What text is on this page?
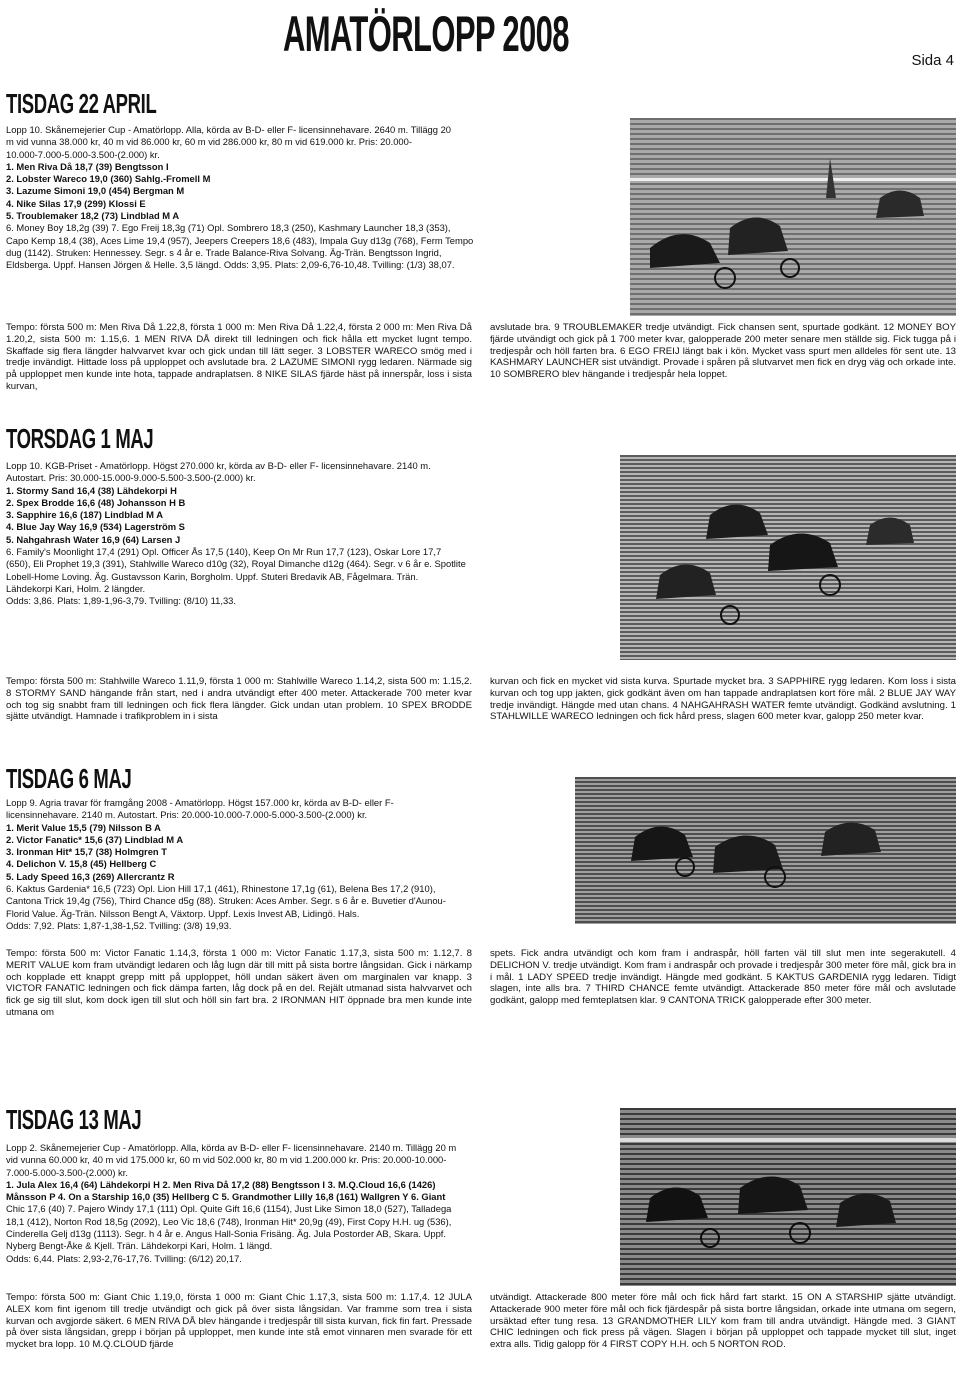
AMATÖRLOPP 2008	Sida 4
TISDAG 22 APRIL

Lopp 10. Skånemejerier Cup - Amatörlopp. Alla, körda av B-D- eller F- licensinnehavare. 2640 m. Tillägg 20

m vid vunna 38.000 kr, 40 m vid 86.000 kr, 60 m vid 286.000 kr, 80 m vid 619.000 kr. Pris: 20.000-

10.000-7.000-5.000-3.500-(2.000) kr.

1. Men Riva Då 18,7 (39) Bengtsson I

2. Lobster Wareco 19,0 (360) Sahlg.-Fromell M

3. Lazume Simoni 19,0 (454) Bergman M

4. Nike Silas 17,9 (299) Klossi E

5. Troublemaker 18,2 (73) Lindblad M A

6. Money Boy 18,2g (39) 7. Ego Freij 18,3g (71) Opl. Sombrero 18,3 (250), Kashmary Launcher 18,3 (353),

Capo Kemp 18,4 (38), Aces Lime 19,4 (957), Jeepers Creepers 18,6 (483), Impala Guy d13g (768), Ferm Tempo

dug (1142). Struken: Hennessey. Segr. s 4 år e. Trade Balance-Riva Solvang. Äg-Trän. Bengtsson Ingrid,

Eldsberga. Uppf. Hansen Jörgen & Helle. 3,5 längd. Odds: 3,95. Plats: 2,09-6,76-10,48. Tvilling: (1/3) 38,07.

Tempo: första 500 m: Men Riva Då 1.22,8, första 1 000 m: Men Riva Då 1.22,4, första 2 000 m: Men Riva Då 1.20,2, sista 500 m: 1.15,6. 1 MEN RIVA DÅ direkt till ledningen och fick hålla ett mycket lugnt tempo. Skaffade sig flera längder halvvarvet kvar och gick undan till lätt seger. 3 LOBSTER WARECO smög med i tredje invändigt. Hittade loss på upploppet och avslutade bra. 2 LAZUME SIMONI rygg ledaren. Närmade sig på upploppet men kunde inte hota, tappade andraplatsen. 8 NIKE SILAS fjärde häst på innerspår, loss i sista kurvan,
avslutade bra. 9 TROUBLEMAKER tredje utvändigt. Fick chansen sent, spurtade godkänt. 12 MONEY BOY fjärde utvändigt och gick på 1 700 meter kvar, galopperade 200 meter senare men ställde sig. Fick tugga på i tredjespår och höll farten bra. 6 EGO FREIJ längt bak i kön. Mycket vass spurt men alldeles för sent ute. 13 KASHMARY LAUNCHER sist utvändigt. Provade i spåren på slutvarvet men fick en dryg väg och orkade inte. 10 SOMBRERO blev hängande i tredjespår hela loppet.
TORSDAG 1 MAJ

Lopp 10. KGB-Priset - Amatörlopp. Högst 270.000 kr, körda av B-D- eller F- licensinnehavare. 2140 m.

Autostart. Pris: 30.000-15.000-9.000-5.500-3.500-(2.000) kr.

1. Stormy Sand 16,4 (38) Lähdekorpi H

2. Spex Brodde 16,6 (48) Johansson H B

3. Sapphire 16,6 (187) Lindblad M A

4. Blue Jay Way 16,9 (534) Lagerström S

5. Nahgahrash Water 16,9 (64) Larsen J

6. Family's Moonlight 17,4 (291) Opl. Officer Ås 17,5 (140), Keep On Mr Run 17,7 (123), Oskar Lore 17,7

(650), Eli Prophet 19,3 (391), Stahlwille Wareco d10g (32), Royal Dimanche d12g (464). Segr. v 6 år e. Spotlite

Lobell-Home Loving. Äg. Gustavsson Karin, Borgholm. Uppf. Stuteri Bredavik AB, Fågelmara. Trän.

Lähdekorpi Kari, Holm. 2 längder.

Odds: 3,86. Plats: 1,89-1,96-3,79. Tvilling: (8/10) 11,33.

Tempo: första 500 m: Stahlwille Wareco 1.11,9, första 1 000 m: Stahlwille Wareco 1.14,2, sista 500 m: 1.15,2. 8 STORMY SAND hängande från start, ned i andra utvändigt efter 400 meter. Attackerade 700 meter kvar och tog sig snabbt fram till ledningen och fick flera längder. Gick undan utan problem. 10 SPEX BRODDE sjätte utvändigt. Hamnade i trafikproblem in i sista
kurvan och fick en mycket vid sista kurva. Spurtade mycket bra. 3 SAPPHIRE rygg ledaren. Kom loss i sista kurvan och tog upp jakten, gick godkänt även om han tappade andraplatsen kort före mål. 2 BLUE JAY WAY tredje invändigt. Hängde med utan chans. 4 NAHGAHRASH WATER femte utvändigt. Godkänd avslutning. 1 STAHLWILLE WARECO ledningen och fick hård press, slagen 600 meter kvar, galopp 250 meter kvar.
TISDAG 6 MAJ

Lopp 9. Agria travar för framgång 2008 - Amatörlopp. Högst 157.000 kr, körda av B-D- eller F-

licensinnehavare. 2140 m. Autostart. Pris: 20.000-10.000-7.000-5.000-3.500-(2.000) kr.

1. Merit Value 15,5 (79) Nilsson B A

2. Victor Fanatic* 15,6 (37) Lindblad M A

3. Ironman Hit* 15,7 (38) Holmgren T

4. Delichon V. 15,8 (45) Hellberg C

5. Lady Speed 16,3 (269) Allercrantz R

6. Kaktus Gardenia* 16,5 (723) Opl. Lion Hill 17,1 (461), Rhinestone 17,1g (61), Belena Bes 17,2 (910),

Cantona Trick 19,4g (756), Third Chance d5g (88). Struken: Aces Amber. Segr. s 6 år e. Buvetier d'Aunou-

Florid Value. Äg-Trän. Nilsson Bengt A, Växtorp. Uppf. Lexis Invest AB, Lidingö. Hals.

Odds: 7,92. Plats: 1,87-1,38-1,52. Tvilling: (3/8) 19,93.

Tempo: första 500 m: Victor Fanatic 1.14,3, första 1 000 m: Victor Fanatic 1.17,3, sista 500 m: 1.12,7. 8 MERIT VALUE kom fram utvändigt ledaren och låg lugn där till mitt på sista bortre långsidan. Gick i närkamp och kopplade ett knappt grepp mitt på upploppet, höll undan säkert även om marginalen var knapp. 3 VICTOR FANATIC ledningen och fick dämpa farten, låg dock på en del. Rejält utmanad sista halvvarvet och fick ge sig till slut, kom dock igen till slut och höll sin fart bra. 2 IRONMAN HIT öppnade bra men kunde inte utmana om
spets. Fick andra utvändigt och kom fram i andraspår, höll farten väl till slut men inte segerakutell. 4 DELICHON V. tredje utvändigt. Kom fram i andraspår och provade i tredjespår 300 meter före mål, gick bra in i mål. 1 LADY SPEED tredje invändigt. Hängde med godkänt. 5 KAKTUS GARDENIA rygg ledaren. Tidigt slagen, inte alls bra. 7 THIRD CHANCE femte utvändigt. Attackerade 850 meter före mål och avslutade godkänt, galopp med femteplatsen klar. 9 CANTONA TRICK galopperade efter 300 meter.
TISDAG 13 MAJ

Lopp 2. Skånemejerier Cup - Amatörlopp. Alla, körda av B-D- eller F- licensinnehavare. 2140 m. Tillägg 20 m

vid vunna 60.000 kr, 40 m vid 175.000 kr, 60 m vid 502.000 kr, 80 m vid 1.200.000 kr. Pris: 20.000-10.000-

7.000-5.000-3.500-(2.000) kr.

1. Jula Alex 16,4 (64) Lähdekorpi H 2. Men Riva Då 17,2 (88) Bengtsson I 3. M.Q.Cloud 16,6 (1426)

Månsson P 4. On a Starship 16,0 (35) Hellberg C 5. Grandmother Lilly 16,8 (161) Wallgren Y 6. Giant

Chic 17,6 (40) 7. Pajero Windy 17,1 (111) Opl. Quite Gift 16,6 (1154), Just Like Simon 18,0 (527), Talladega

18,1 (412), Norton Rod 18,5g (2092), Leo Vic 18,6 (748), Ironman Hit* 20,9g (49), First Copy H.H. ug (536),

Cinderella Gelj d13g (1113). Segr. h 4 år e. Angus Hall-Sonia Frisäng. Äg. Jula Postorder AB, Skara. Uppf.

Nyberg Bengt-Åke & Kjell. Trän. Lähdekorpi Kari, Holm. 1 längd.

Odds: 6,44. Plats: 2,93-2,76-17,76. Tvilling: (6/12) 20,17.

Tempo: första 500 m: Giant Chic 1.19,0, första 1 000 m: Giant Chic 1.17,3, sista 500 m: 1.17,4. 12 JULA ALEX kom fint igenom till tredje utvändigt och gick på över sista långsidan. Var framme som trea i sista kurvan och avgjorde säkert. 6 MEN RIVA DÅ blev hängande i tredjespår till sista kurvan, fick fin fart. Pressade på över sista långsidan, grepp i början på upploppet, men kunde inte stå emot vinnaren men svarade för ett mycket bra lopp. 10 M.Q.CLOUD fjärde
utvändigt. Attackerade 800 meter före mål och fick hård fart starkt. 15 ON A STARSHIP sjätte utvändigt. Attackerade 900 meter före mål och fick fjärdespår på sista bortre långsidan, orkade inte utmana om segern, ursäktad efter tung resa. 13 GRANDMOTHER LILY kom fram till andra utvändigt. Hängde med. 3 GIANT CHIC ledningen och fick press på vägen. Slagen i början på upploppet och tappade mycket till slut, inget extra alls. Tidig galopp för 4 FIRST COPY H.H. och 5 NORTON ROD.
